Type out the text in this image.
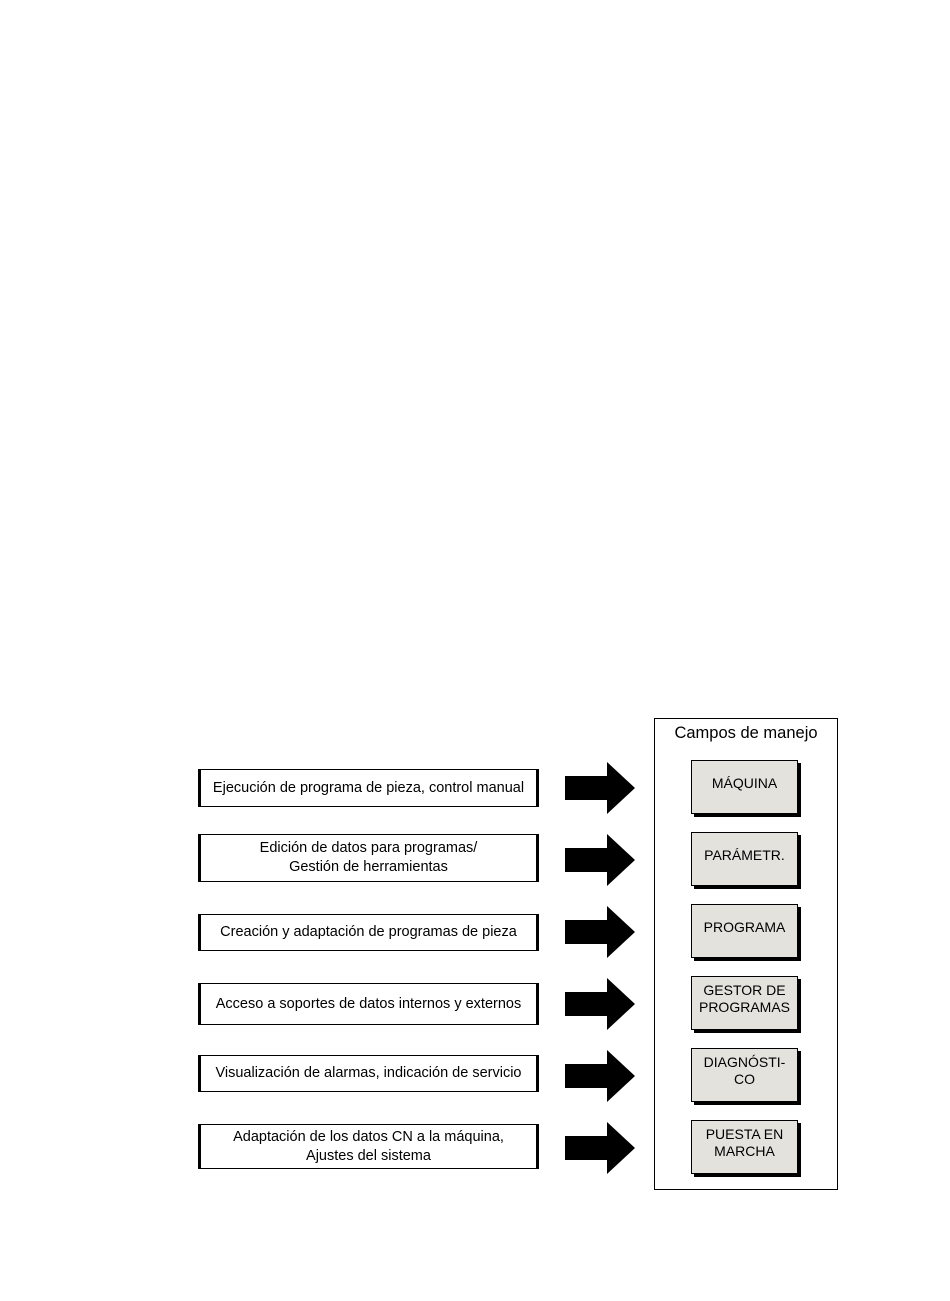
Ejecución de programa de pieza, control manual
Edición de datos para programas/
Gestión de herramientas
Creación y adaptación de programas de pieza
Acceso a soportes de datos internos y externos
Visualización de alarmas, indicación de servicio
Adaptación de los datos CN a la máquina,
Ajustes del sistema
Campos de manejo
MÁQUINA
PARÁMETR.
PROGRAMA
GESTOR DE
PROGRAMAS
DIAGNÓSTI-
CO
PUESTA EN
MARCHA
